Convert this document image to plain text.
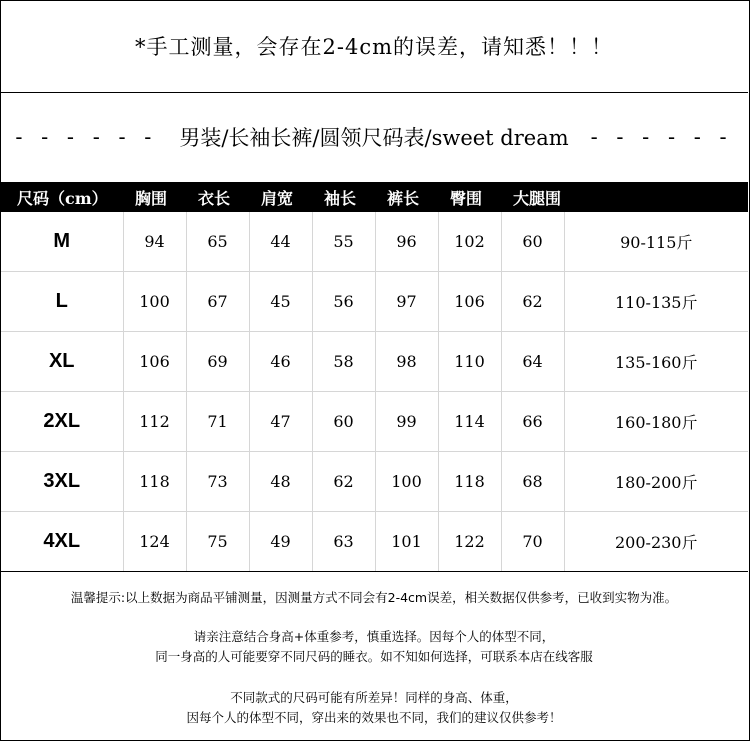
*手工测量，会存在2-4cm的误差，请知悉！！！
- - - - - - 男装/长袖长裤/圆领尺码表/sweet dream - - - - - -
尺码（cm）	胸围	衣长	肩宽	袖长	裤长	臀围	大腿围	
M	94	65	44	55	96	102	60	90-115斤
L	100	67	45	56	97	106	62	110-135斤
XL	106	69	46	58	98	110	64	135-160斤
2XL	112	71	47	60	99	114	66	160-180斤
3XL	118	73	48	62	100	118	68	180-200斤
4XL	124	75	49	63	101	122	70	200-230斤

温馨提示:以上数据为商品平铺测量，因测量方式不同会有2-4cm误差，相关数据仅供参考，已收到实物为准。

请亲注意结合身高+体重参考，慎重选择。因每个人的体型不同，

同一身高的人可能要穿不同尺码的睡衣。如不知如何选择，可联系本店在线客服

不同款式的尺码可能有所差异！同样的身高、体重，

因每个人的体型不同，穿出来的效果也不同，我们的建议仅供参考！
